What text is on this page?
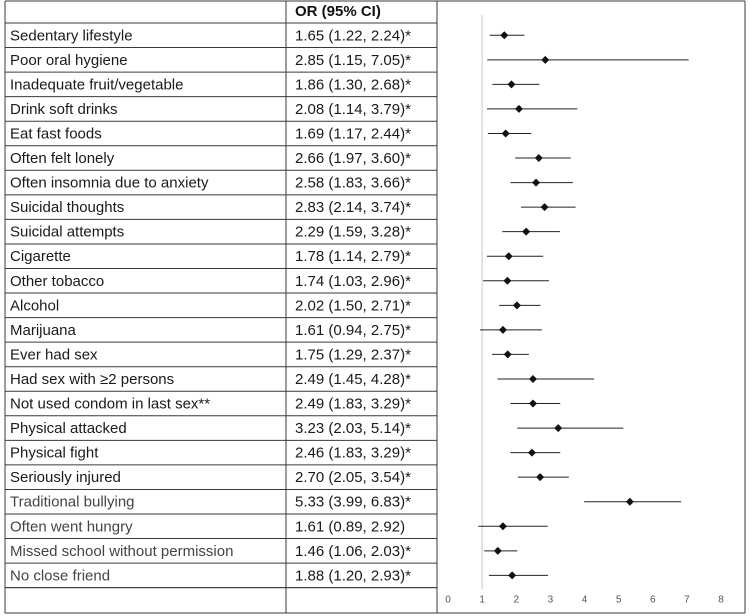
OR (95% CI)
Sedentary lifestyle	1.65 (1.22, 2.24)*
Poor oral hygiene	2.85 (1.15, 7.05)*
Inadequate fruit/vegetable	1.86 (1.30, 2.68)*
Drink soft drinks	2.08 (1.14, 3.79)*
Eat fast foods	1.69 (1.17, 2.44)*
Often felt lonely	2.66 (1.97, 3.60)*
Often insomnia due to anxiety	2.58 (1.83, 3.66)*
Suicidal thoughts	2.83 (2.14, 3.74)*
Suicidal attempts	2.29 (1.59, 3.28)*
Cigarette	1.78 (1.14, 2.79)*
Other tobacco	1.74 (1.03, 2.96)*
Alcohol	2.02 (1.50, 2.71)*
Marijuana	1.61 (0.94, 2.75)*
Ever had sex	1.75 (1.29, 2.37)*
Had sex with ≥2 persons	2.49 (1.45, 4.28)*
Not used condom in last sex**	2.49 (1.83, 3.29)*
Physical attacked	3.23 (2.03, 5.14)*
Physical fight	2.46 (1.83, 3.29)*
Seriously injured	2.70 (2.05, 3.54)*
Traditional bullying	5.33 (3.99, 6.83)*
Often went hungry	1.61 (0.89, 2.92)
Missed school without permission	1.46 (1.06, 2.03)*
No close friend	1.88 (1.20, 2.93)*
0	1	2	3	4	5	6	7	8
